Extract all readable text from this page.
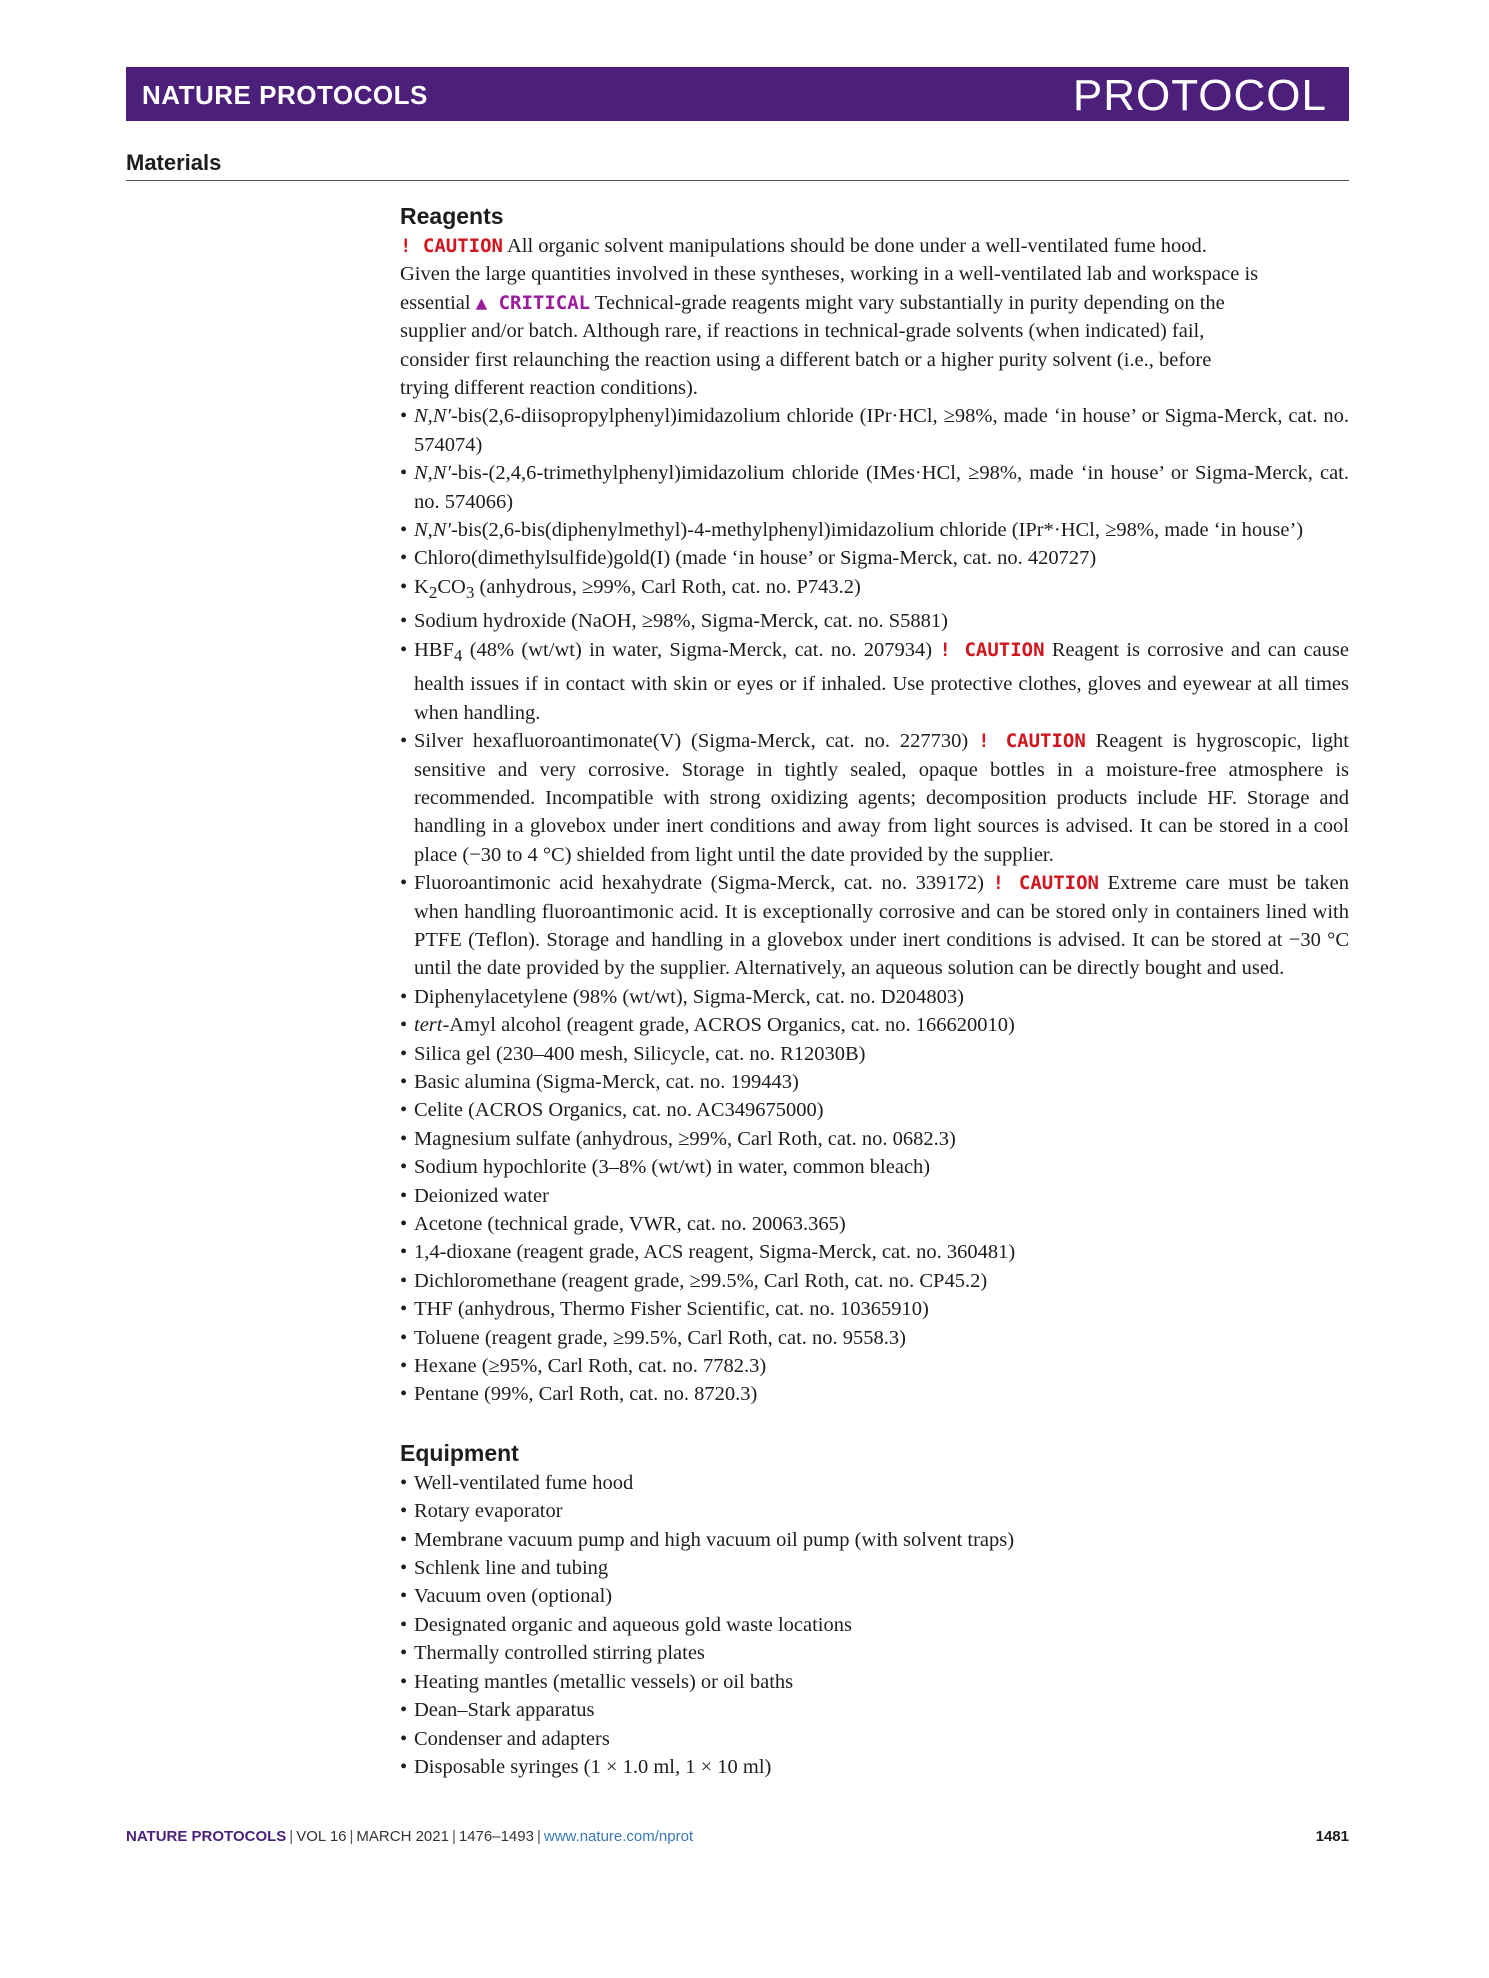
NATURE PROTOCOLS	PROTOCOL
Materials
Reagents

! CAUTION All organic solvent manipulations should be done under a well-ventilated fume hood.
Given the large quantities involved in these syntheses, working in a well-ventilated lab and workspace is
essential ▲ CRITICAL Technical-grade reagents might vary substantially in purity depending on the
supplier and/or batch. Although rare, if reactions in technical-grade solvents (when indicated) fail,
consider first relaunching the reaction using a different batch or a higher purity solvent (i.e., before
trying different reaction conditions).

• N,N′-bis(2,6-diisopropylphenyl)imidazolium chloride (IPr·HCl, ≥98%, made ‘in house’ or Sigma-Merck, cat. no. 574074)
• N,N′-bis-(2,4,6-trimethylphenyl)imidazolium chloride (IMes·HCl, ≥98%, made ‘in house’ or Sigma-Merck, cat. no. 574066)
• N,N′-bis(2,6-bis(diphenylmethyl)-4-methylphenyl)imidazolium chloride (IPr*·HCl, ≥98%, made ‘in house’)
• Chloro(dimethylsulfide)gold(I) (made ‘in house’ or Sigma-Merck, cat. no. 420727)
• $K_2CO_3$ (anhydrous, ≥99%, Carl Roth, cat. no. P743.2)
• Sodium hydroxide (NaOH, ≥98%, Sigma-Merck, cat. no. S5881)
• $HBF_4$ (48% (wt/wt) in water, Sigma-Merck, cat. no. 207934) ! CAUTION Reagent is corrosive and can cause health issues if in contact with skin or eyes or if inhaled. Use protective clothes, gloves and eyewear at all times when handling.
• Silver hexafluoroantimonate(V) (Sigma-Merck, cat. no. 227730) ! CAUTION Reagent is hygroscopic, light sensitive and very corrosive. Storage in tightly sealed, opaque bottles in a moisture-free atmosphere is recommended. Incompatible with strong oxidizing agents; decomposition products include HF. Storage and handling in a glovebox under inert conditions and away from light sources is advised. It can be stored in a cool place (−30 to 4 °C) shielded from light until the date provided by the supplier.
• Fluoroantimonic acid hexahydrate (Sigma-Merck, cat. no. 339172) ! CAUTION Extreme care must be taken when handling fluoroantimonic acid. It is exceptionally corrosive and can be stored only in containers lined with PTFE (Teflon). Storage and handling in a glovebox under inert conditions is advised. It can be stored at −30 °C until the date provided by the supplier. Alternatively, an aqueous solution can be directly bought and used.
• Diphenylacetylene (98% (wt/wt), Sigma-Merck, cat. no. D204803)
• tert-Amyl alcohol (reagent grade, ACROS Organics, cat. no. 166620010)
• Silica gel (230–400 mesh, Silicycle, cat. no. R12030B)
• Basic alumina (Sigma-Merck, cat. no. 199443)
• Celite (ACROS Organics, cat. no. AC349675000)
• Magnesium sulfate (anhydrous, ≥99%, Carl Roth, cat. no. 0682.3)
• Sodium hypochlorite (3–8% (wt/wt) in water, common bleach)
• Deionized water
• Acetone (technical grade, VWR, cat. no. 20063.365)
• 1,4-dioxane (reagent grade, ACS reagent, Sigma-Merck, cat. no. 360481)
• Dichloromethane (reagent grade, ≥99.5%, Carl Roth, cat. no. CP45.2)
• THF (anhydrous, Thermo Fisher Scientific, cat. no. 10365910)
• Toluene (reagent grade, ≥99.5%, Carl Roth, cat. no. 9558.3)
• Hexane (≥95%, Carl Roth, cat. no. 7782.3)
• Pentane (99%, Carl Roth, cat. no. 8720.3)
Equipment
• Well-ventilated fume hood
• Rotary evaporator
• Membrane vacuum pump and high vacuum oil pump (with solvent traps)
• Schlenk line and tubing
• Vacuum oven (optional)
• Designated organic and aqueous gold waste locations
• Thermally controlled stirring plates
• Heating mantles (metallic vessels) or oil baths
• Dean–Stark apparatus
• Condenser and adapters
• Disposable syringes (1 × 1.0 ml, 1 × 10 ml)
NATURE PROTOCOLS | VOL 16 | MARCH 2021 | 1476–1493 | www.nature.com/nprot	1481
